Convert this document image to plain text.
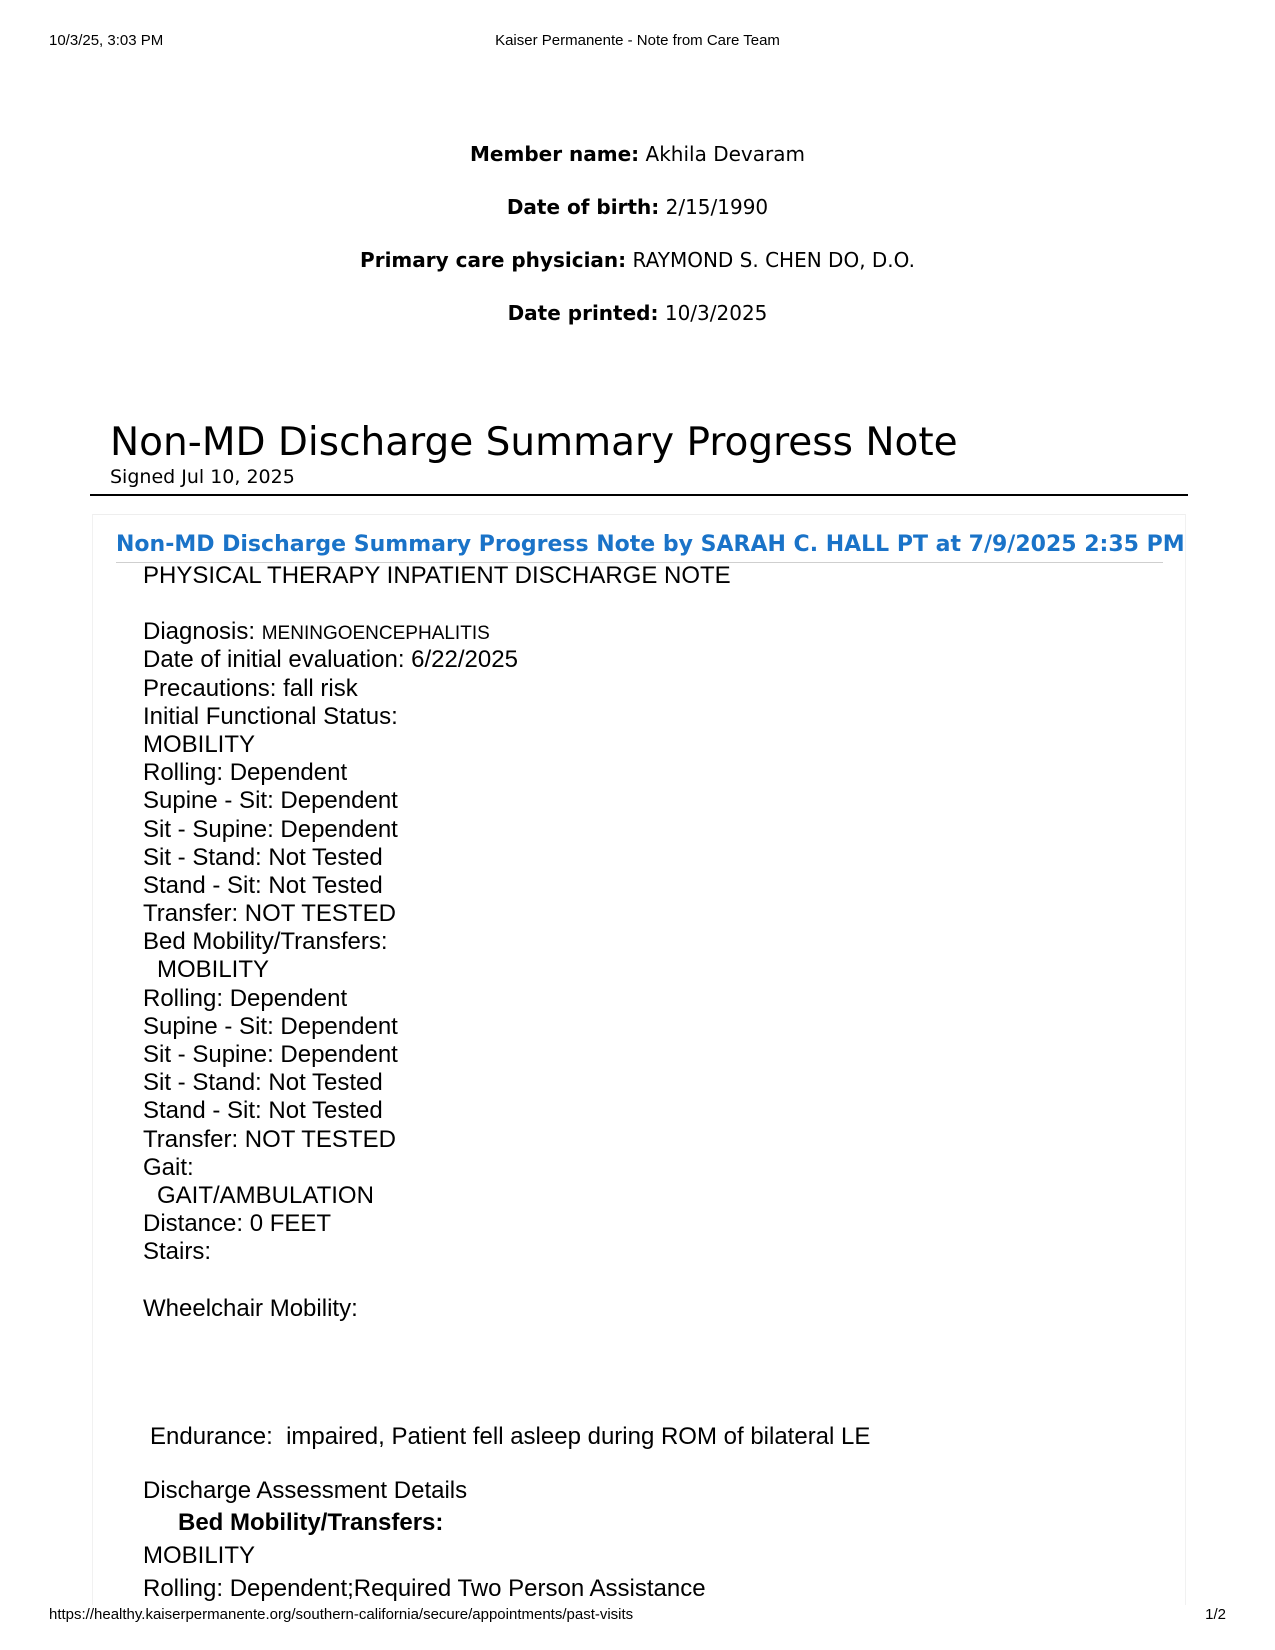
10/3/25, 3:03 PM	Kaiser Permanente - Note from Care Team
Member name: Akhila Devaram
Date of birth: 2/15/1990
Primary care physician: RAYMOND S. CHEN DO, D.O.
Date printed: 10/3/2025
Non-MD Discharge Summary Progress Note
Signed Jul 10, 2025
Non-MD Discharge Summary Progress Note by SARAH C. HALL PT at 7/9/2025 2:35 PM
PHYSICAL THERAPY INPATIENT DISCHARGE NOTE
Diagnosis: MENINGOENCEPHALITIS
Date of initial evaluation: 6/22/2025
Precautions: fall risk
Initial Functional Status:
MOBILITY
Rolling: Dependent
Supine - Sit: Dependent
Sit - Supine: Dependent
Sit - Stand: Not Tested
Stand - Sit: Not Tested
Transfer: NOT TESTED
Bed Mobility/Transfers:
MOBILITY
Rolling: Dependent
Supine - Sit: Dependent
Sit - Supine: Dependent
Sit - Stand: Not Tested
Stand - Sit: Not Tested
Transfer: NOT TESTED
Gait:
GAIT/AMBULATION
Distance: 0 FEET
Stairs:
Wheelchair Mobility:
Endurance:  impaired, Patient fell asleep during ROM of bilateral LE
Discharge Assessment Details
Bed Mobility/Transfers:
MOBILITY
Rolling: Dependent;Required Two Person Assistance
https://healthy.kaiserpermanente.org/southern-california/secure/appointments/past-visits	1/2
